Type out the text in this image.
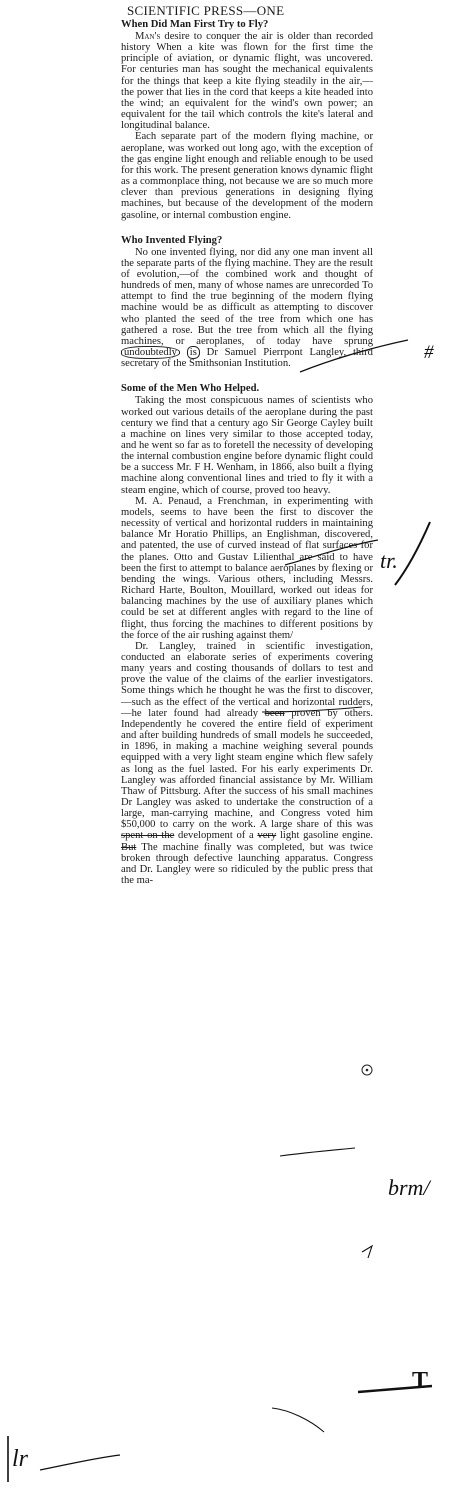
SCIENTIFIC PRESS—ONE
When Did Man First Try to Fly?

Man's desire to conquer the air is older than recorded history When a kite was flown for the first time the principle of aviation, or dynamic flight, was uncovered. For centuries man has sought the mechanical equivalents for the things that keep a kite flying steadily in the air,—the power that lies in the cord that keeps a kite headed into the wind; an equivalent for the wind's own power; an equivalent for the tail which controls the kite's lateral and longitudinal balance.

Each separate part of the modern flying machine, or aeroplane, was worked out long ago, with the exception of the gas engine light enough and reliable enough to be used for this work. The present generation knows dynamic flight as a commonplace thing, not because we are so much more clever than previous generations in designing flying machines, but because of the development of the modern gasoline, or internal combustion engine.

Who Invented Flying?

No one invented flying, nor did any one man invent all the separate parts of the flying machine. They are the result of evolution,—of the combined work and thought of hundreds of men, many of whose names are unrecorded To attempt to find the true beginning of the modern flying machine would be as difficult as attempting to discover who planted the seed of the tree from which one has gathered a rose. But the tree from which all the flying machines, or aeroplanes, of today have sprung undoubtedly is Dr Samuel Pierrpont Langley, third secretary of the Smithsonian Institution.

Some of the Men Who Helped.

Taking the most conspicuous names of scientists who worked out various details of the aeroplane during the past century we find that a century ago Sir George Cayley built a machine on lines very similar to those accepted today, and he went so far as to foretell the necessity of developing the internal combustion engine before dynamic flight could be a success Mr. F H. Wenham, in 1866, also built a flying machine along conventional lines and tried to fly it with a steam engine, which of course, proved too heavy.

M. A. Penaud, a Frenchman, in experimenting with models, seems to have been the first to discover the necessity of vertical and horizontal rudders in maintaining balance Mr Horatio Phillips, an Englishman, discovered, and patented, the use of curved instead of flat surfaces for the planes. Otto and Gustav Lilienthal are said to have been the first to attempt to balance aeroplanes by flexing or bending the wings. Various others, including Messrs. Richard Harte, Boulton, Mouillard, worked out ideas for balancing machines by the use of auxiliary planes which could be set at different angles with regard to the line of flight, thus forcing the machines to different positions by the force of the air rushing against them/

Dr. Langley, trained in scientific investigation, conducted an elaborate series of experiments covering many years and costing thousands of dollars to test and prove the value of the claims of the earlier investigators. Some things which he thought he was the first to discover,—such as the effect of the vertical and horizontal rudders,—he later found had already been proven by others. Independently he covered the entire field of experiment and after building hundreds of small models he succeeded, in 1896, in making a machine weighing several pounds equipped with a very light steam engine which flew safely as long as the fuel lasted. For his early experiments Dr. Langley was afforded financial assistance by Mr. William Thaw of Pittsburg. After the success of his small machines Dr Langley was asked to undertake the construction of a large, man-carrying machine, and Congress voted him $50,000 to carry on the work. A large share of this was spent on the development of a very light gasoline engine. But The machine finally was completed, but was twice broken through defective launching apparatus. Congress and Dr. Langley were so ridiculed by the public press that the ma-

#
tr.
brm/
T
lr
